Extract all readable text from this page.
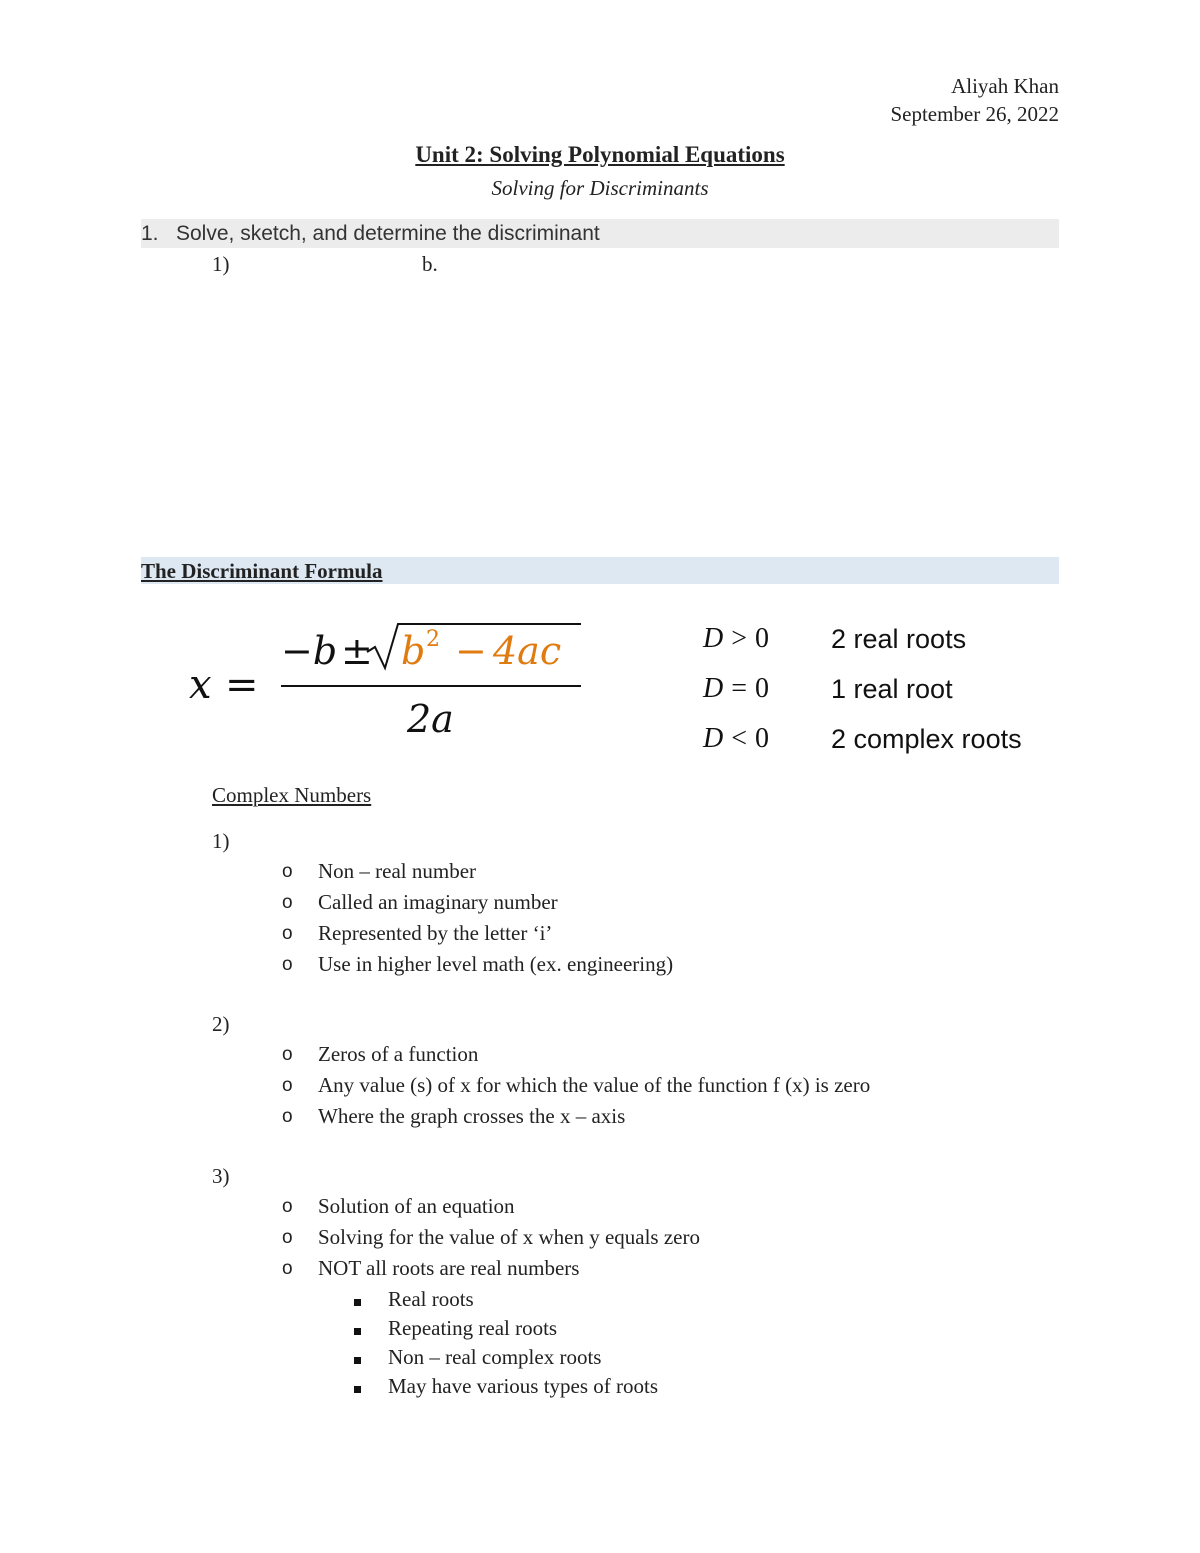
Aliyah Khan
September 26, 2022
Unit 2: Solving Polynomial Equations
Solving for Discriminants
1. Solve, sketch, and determine the discriminant
1)	b.
The Discriminant Formula
x =
−b ± b 2 − 4ac
2a
D > 0	2 real roots
D = 0	1 real root
D < 0	2 complex roots
Complex Numbers
1)
o	Non – real number
o	Called an imaginary number
o	Represented by the letter ‘i’
o	Use in higher level math (ex. engineering)
2)
o	Zeros of a function
o	Any value (s) of x for which the value of the function f (x) is zero
o	Where the graph crosses the x – axis
3)
o	Solution of an equation
o	Solving for the value of x when y equals zero
o	NOT all roots are real numbers
Real roots
Repeating real roots
Non – real complex roots
May have various types of roots
